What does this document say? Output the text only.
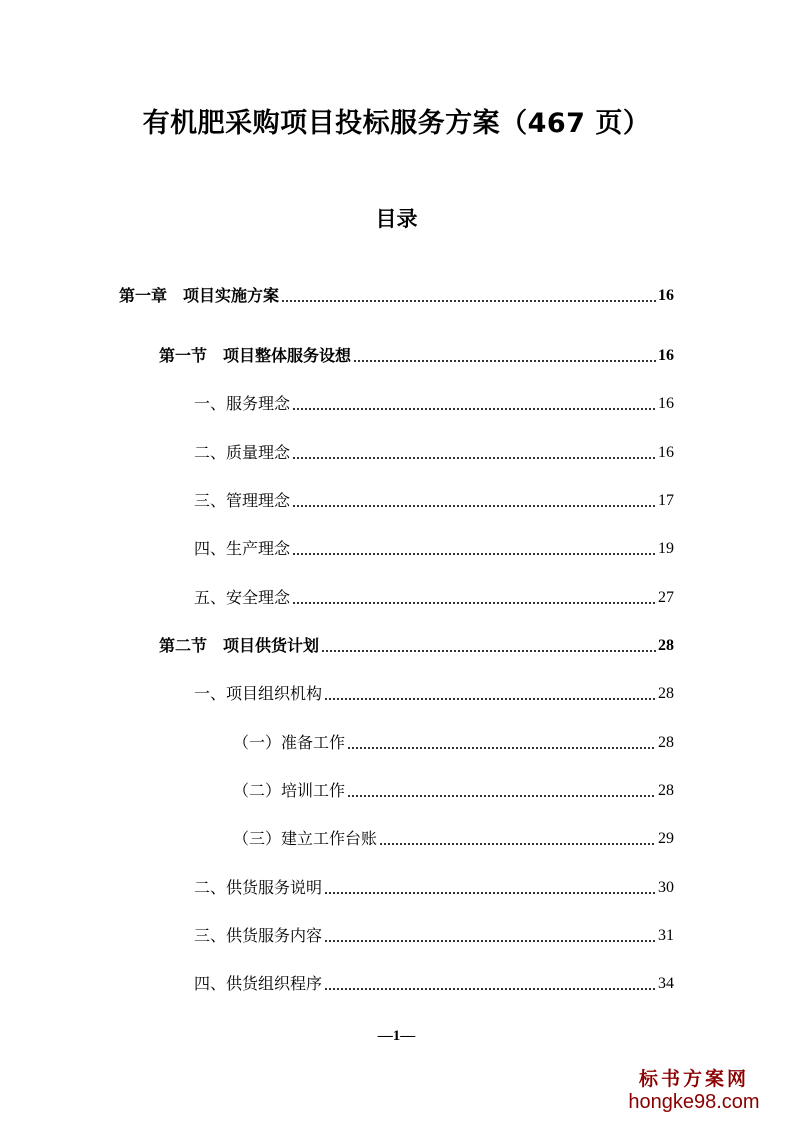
有机肥采购项目投标服务方案（467 页）
目录
第一章 项目实施方案	16
第一节 项目整体服务设想	16
一、服务理念	16
二、质量理念	16
三、管理理念	17
四、生产理念	19
五、安全理念	27
第二节 项目供货计划	28
一、项目组织机构	28
（一）准备工作	28
（二）培训工作	28
（三）建立工作台账	29
二、供货服务说明	30
三、供货服务内容	31
四、供货组织程序	34
—1—
标书方案网
hongke98.com
